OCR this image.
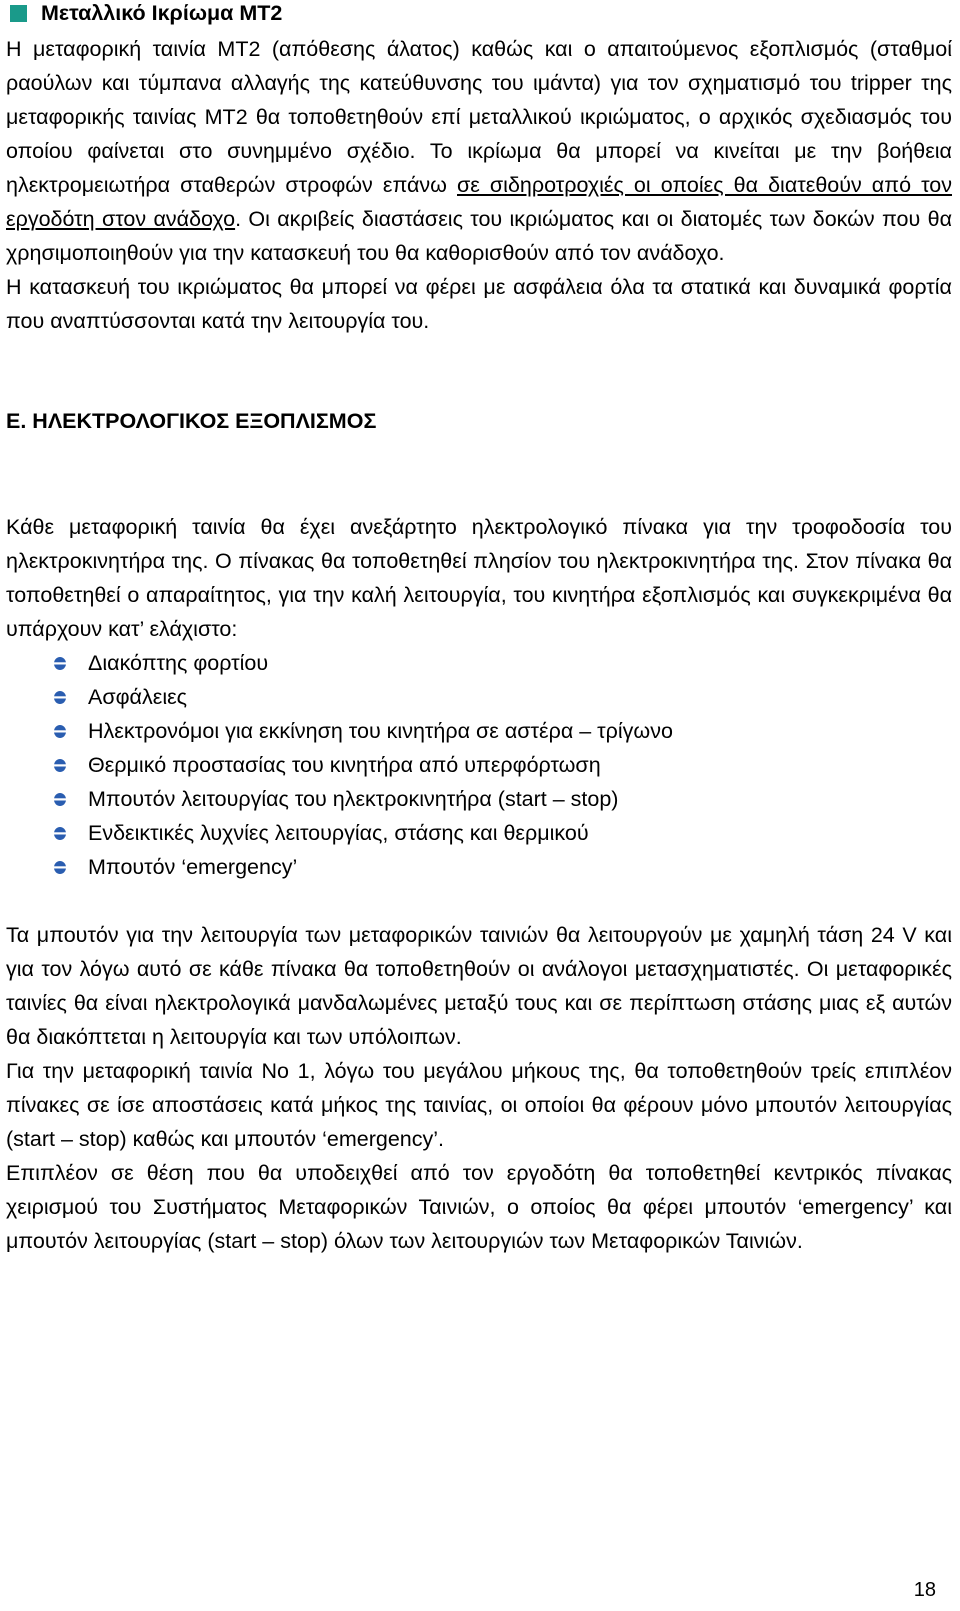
Μεταλλικό Ικρίωμα ΜΤ2

Η μεταφορική ταινία ΜΤ2 (απόθεσης άλατος) καθώς και ο απαιτούμενος εξοπλισμός (σταθμοί ραούλων και τύμπανα αλλαγής της κατεύθυνσης του ιμάντα) για τον σχηματισμό του tripper της μεταφορικής ταινίας ΜΤ2 θα τοποθετηθούν επί μεταλλικού ικριώματος, ο αρχικός σχεδιασμός του οποίου φαίνεται στο συνημμένο σχέδιο. Το ικρίωμα θα μπορεί να κινείται με την βοήθεια ηλεκτρομειωτήρα σταθερών στροφών επάνω σε σιδηροτροχιές οι οποίες θα διατεθούν από τον εργοδότη στον ανάδοχο. Οι ακριβείς διαστάσεις του ικριώματος και οι διατομές των δοκών που θα χρησιμοποιηθούν για την κατασκευή του θα καθορισθούν από τον ανάδοχο.

Η κατασκευή του ικριώματος θα μπορεί να φέρει με ασφάλεια όλα τα στατικά και δυναμικά φορτία που αναπτύσσονται κατά την λειτουργία του.

Ε. ΗΛΕΚΤΡΟΛΟΓΙΚΟΣ ΕΞΟΠΛΙΣΜΟΣ

Κάθε μεταφορική ταινία θα έχει ανεξάρτητο ηλεκτρολογικό πίνακα για την τροφοδοσία του ηλεκτροκινητήρα της. Ο πίνακας θα τοποθετηθεί πλησίον του ηλεκτροκινητήρα της. Στον πίνακα θα τοποθετηθεί ο απαραίτητος, για την καλή λειτουργία, του κινητήρα εξοπλισμός και συγκεκριμένα θα υπάρχουν κατ’ ελάχιστο:

Διακόπτης φορτίου
Ασφάλειες
Ηλεκτρονόμοι για εκκίνηση του κινητήρα σε αστέρα – τρίγωνο
Θερμικό προστασίας του κινητήρα από υπερφόρτωση
Μπουτόν λειτουργίας του ηλεκτροκινητήρα (start – stop)
Ενδεικτικές λυχνίες λειτουργίας, στάσης και θερμικού
Μπουτόν ‘emergency’

Τα μπουτόν για την λειτουργία των μεταφορικών ταινιών θα λειτουργούν με χαμηλή τάση 24 V και για τον λόγω αυτό σε κάθε πίνακα θα τοποθετηθούν οι ανάλογοι μετασχηματιστές. Οι μεταφορικές ταινίες θα είναι ηλεκτρολογικά μανδαλωμένες μεταξύ τους και σε περίπτωση στάσης μιας εξ αυτών θα διακόπτεται η λειτουργία και των υπόλοιπων.

Για την μεταφορική ταινία Νο 1, λόγω του μεγάλου μήκους της, θα τοποθετηθούν τρείς επιπλέον πίνακες σε ίσε αποστάσεις κατά μήκος της ταινίας, οι οποίοι θα φέρουν μόνο μπουτόν λειτουργίας (start – stop) καθώς και μπουτόν ‘emergency’.

Επιπλέον σε θέση που θα υποδειχθεί από τον εργοδότη θα τοποθετηθεί κεντρικός πίνακας χειρισμού του Συστήματος Μεταφορικών Ταινιών, ο οποίος θα φέρει μπουτόν ‘emergency’ και μπουτόν λειτουργίας (start – stop) όλων των λειτουργιών των Μεταφορικών Ταινιών.

18
